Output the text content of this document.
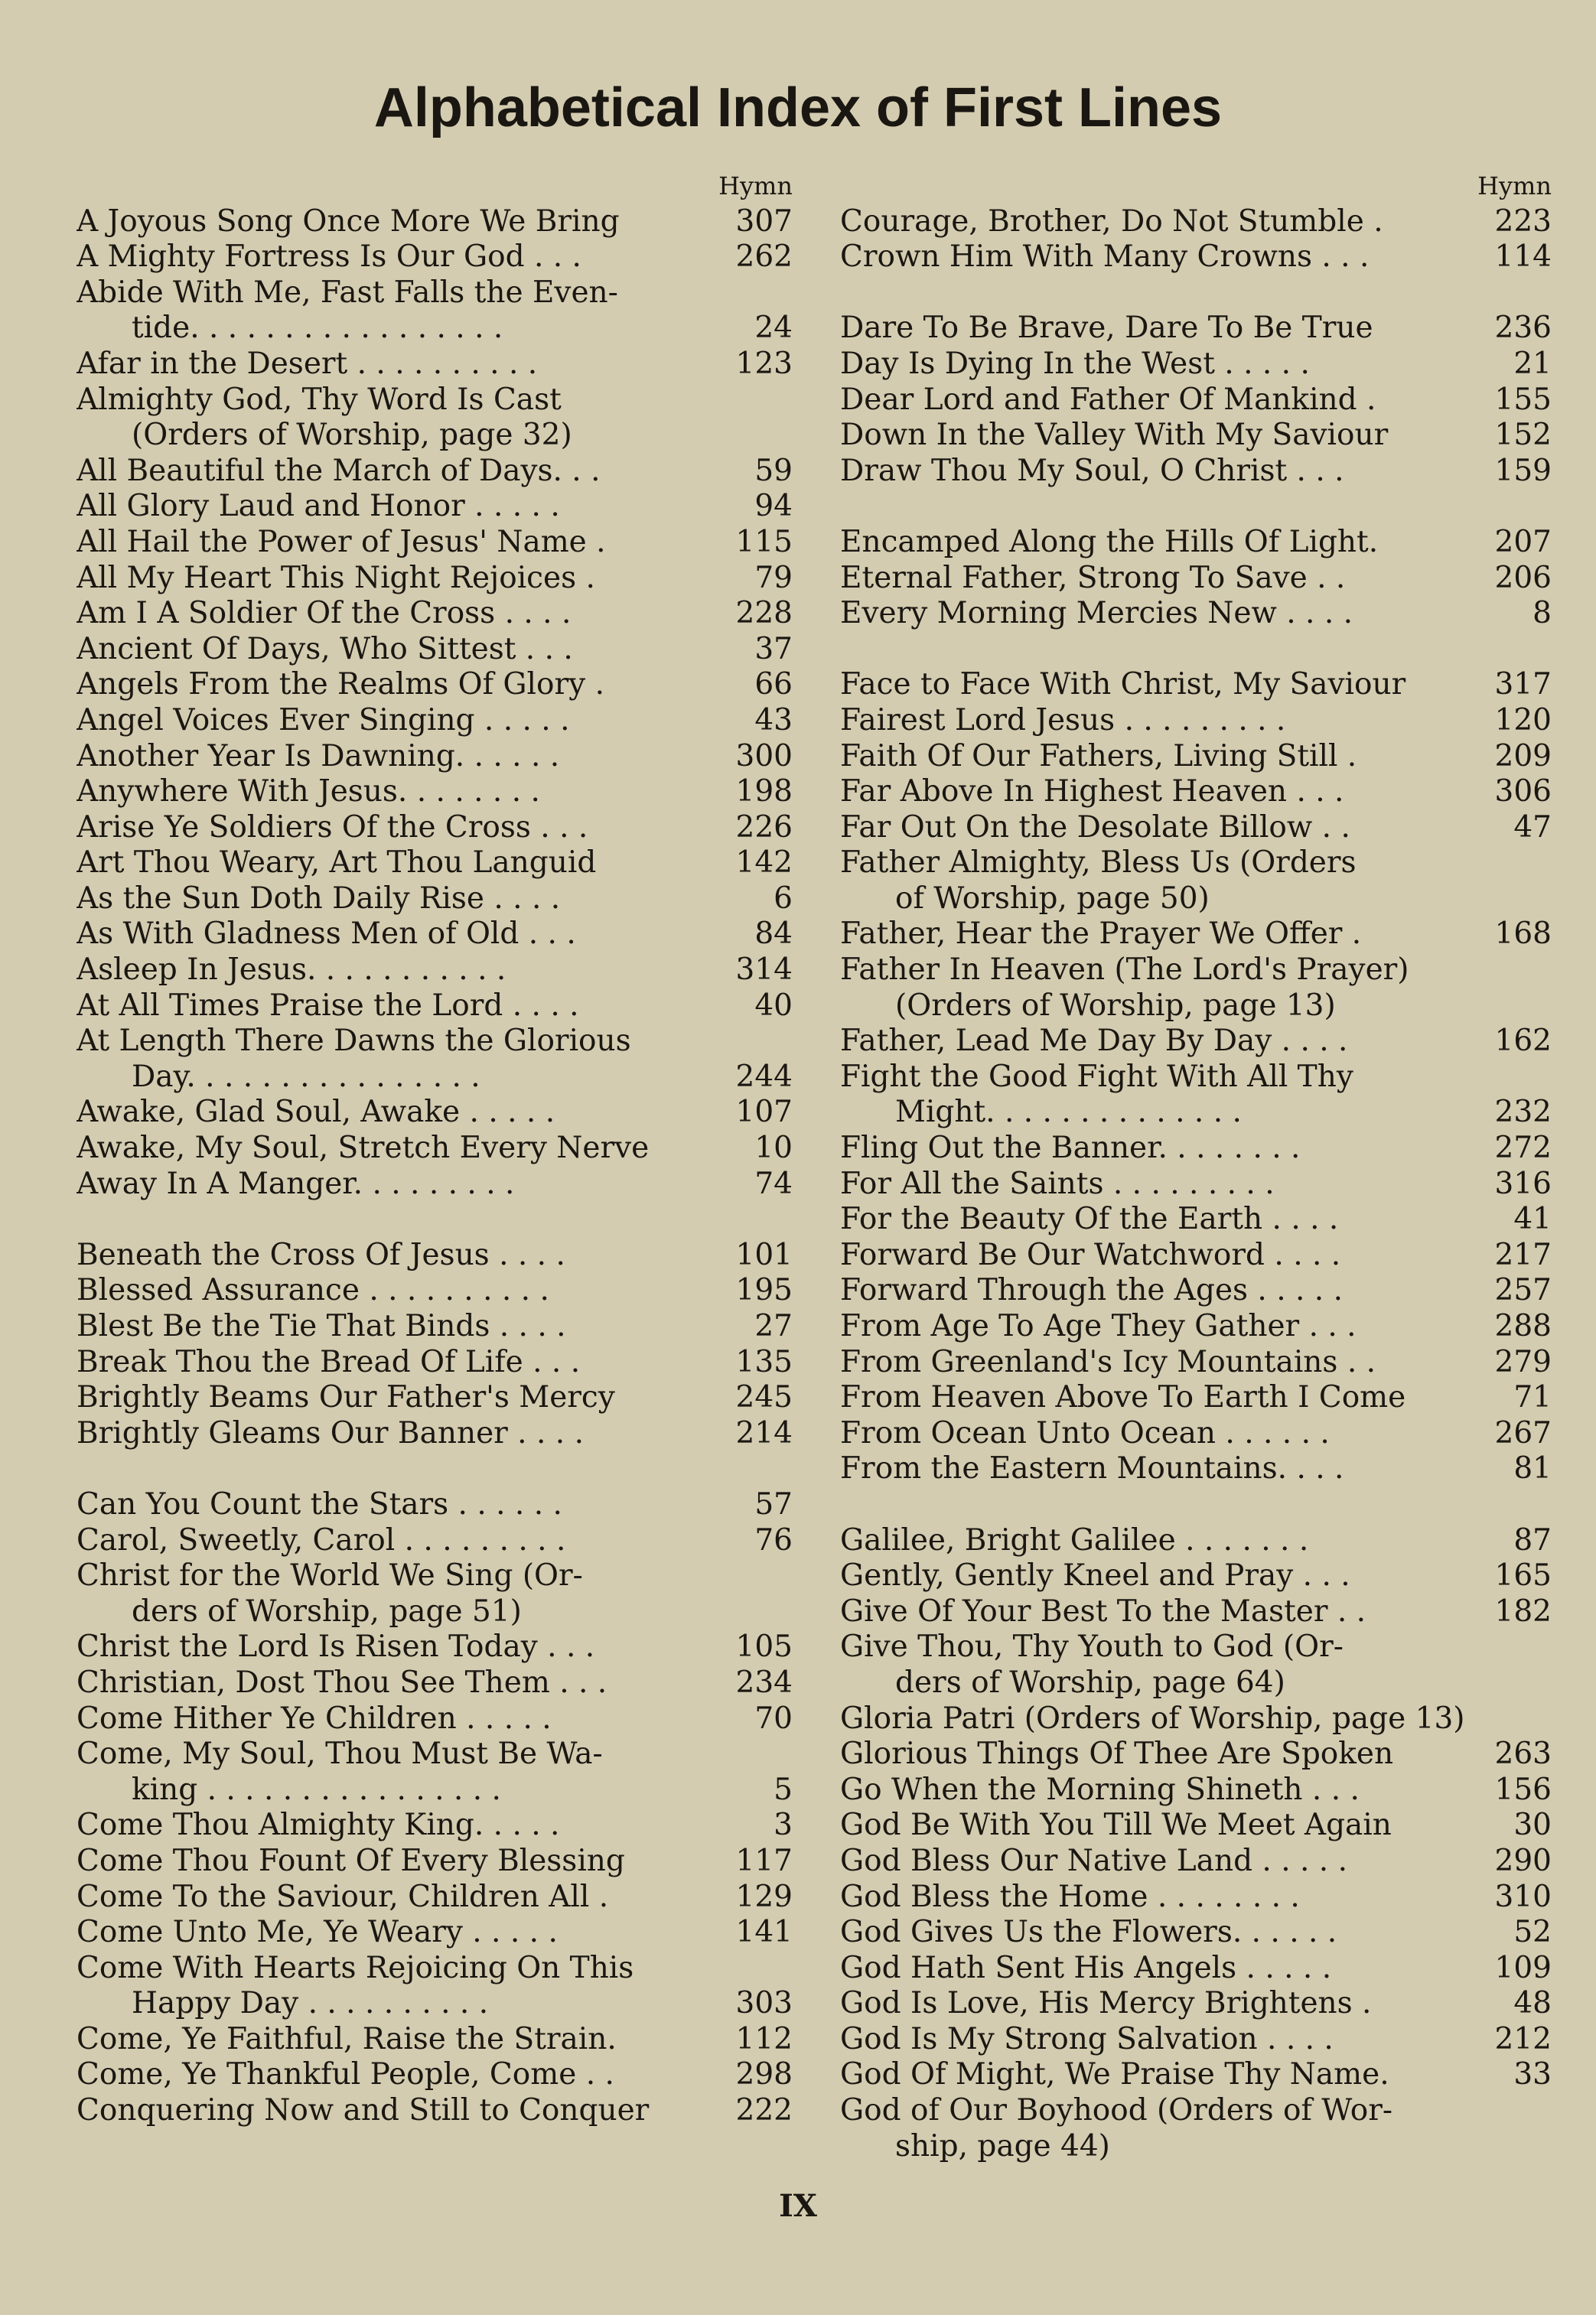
Alphabetical Index of First Lines
Hymn
A Joyous Song Once More We Bring	307
A Mighty Fortress Is Our God . . .	262
Abide With Me, Fast Falls the Even-
tide. . . . . . . . . . . . . . . . .	24
Afar in the Desert . . . . . . . . . .	123
Almighty God, Thy Word Is Cast
(Orders of Worship, page 32)
All Beautiful the March of Days. . .	59
All Glory Laud and Honor . . . . .	94
All Hail the Power of Jesus' Name .	115
All My Heart This Night Rejoices .	79
Am I A Soldier Of the Cross . . . .	228
Ancient Of Days, Who Sittest . . .	37
Angels From the Realms Of Glory .	66
Angel Voices Ever Singing . . . . .	43
Another Year Is Dawning. . . . . .	300
Anywhere With Jesus. . . . . . . .	198
Arise Ye Soldiers Of the Cross . . .	226
Art Thou Weary, Art Thou Languid	142
As the Sun Doth Daily Rise . . . .	6
As With Gladness Men of Old . . .	84
Asleep In Jesus. . . . . . . . . . .	314
At All Times Praise the Lord . . . .	40
At Length There Dawns the Glorious
Day. . . . . . . . . . . . . . . .	244
Awake, Glad Soul, Awake . . . . .	107
Awake, My Soul, Stretch Every Nerve	10
Away In A Manger. . . . . . . . .	74
Beneath the Cross Of Jesus . . . .	101
Blessed Assurance . . . . . . . . . .	195
Blest Be the Tie That Binds . . . .	27
Break Thou the Bread Of Life . . .	135
Brightly Beams Our Father's Mercy	245
Brightly Gleams Our Banner . . . .	214
Can You Count the Stars . . . . . .	57
Carol, Sweetly, Carol . . . . . . . . .	76
Christ for the World We Sing (Or-
ders of Worship, page 51)
Christ the Lord Is Risen Today . . .	105
Christian, Dost Thou See Them . . .	234
Come Hither Ye Children . . . . .	70
Come, My Soul, Thou Must Be Wa-
king . . . . . . . . . . . . . . . .	5
Come Thou Almighty King. . . . .	3
Come Thou Fount Of Every Blessing	117
Come To the Saviour, Children All .	129
Come Unto Me, Ye Weary . . . . .	141
Come With Hearts Rejoicing On This
Happy Day . . . . . . . . . .	303
Come, Ye Faithful, Raise the Strain.	112
Come, Ye Thankful People, Come . .	298
Conquering Now and Still to Conquer	222
Hymn
Courage, Brother, Do Not Stumble .	223
Crown Him With Many Crowns . . .	114
Dare To Be Brave, Dare To Be True	236
Day Is Dying In the West . . . . .	21
Dear Lord and Father Of Mankind .	155
Down In the Valley With My Saviour	152
Draw Thou My Soul, O Christ . . .	159
Encamped Along the Hills Of Light.	207
Eternal Father, Strong To Save . .	206
Every Morning Mercies New . . . .	8
Face to Face With Christ, My Saviour	317
Fairest Lord Jesus . . . . . . . . .	120
Faith Of Our Fathers, Living Still .	209
Far Above In Highest Heaven . . .	306
Far Out On the Desolate Billow . .	47
Father Almighty, Bless Us (Orders
of Worship, page 50)
Father, Hear the Prayer We Offer .	168
Father In Heaven (The Lord's Prayer)
(Orders of Worship, page 13)
Father, Lead Me Day By Day . . . .	162
Fight the Good Fight With All Thy
Might. . . . . . . . . . . . . .	232
Fling Out the Banner. . . . . . . .	272
For All the Saints . . . . . . . . .	316
For the Beauty Of the Earth . . . .	41
Forward Be Our Watchword . . . .	217
Forward Through the Ages . . . . .	257
From Age To Age They Gather . . .	288
From Greenland's Icy Mountains . .	279
From Heaven Above To Earth I Come	71
From Ocean Unto Ocean . . . . . .	267
From the Eastern Mountains. . . .	81
Galilee, Bright Galilee . . . . . . .	87
Gently, Gently Kneel and Pray . . .	165
Give Of Your Best To the Master . .	182
Give Thou, Thy Youth to God (Or-
ders of Worship, page 64)
Gloria Patri (Orders of Worship, page 13)
Glorious Things Of Thee Are Spoken	263
Go When the Morning Shineth . . .	156
God Be With You Till We Meet Again	30
God Bless Our Native Land . . . . .	290
God Bless the Home . . . . . . . .	310
God Gives Us the Flowers. . . . . .	52
God Hath Sent His Angels . . . . .	109
God Is Love, His Mercy Brightens .	48
God Is My Strong Salvation . . . .	212
God Of Might, We Praise Thy Name.	33
God of Our Boyhood (Orders of Wor-
ship, page 44)
IX
